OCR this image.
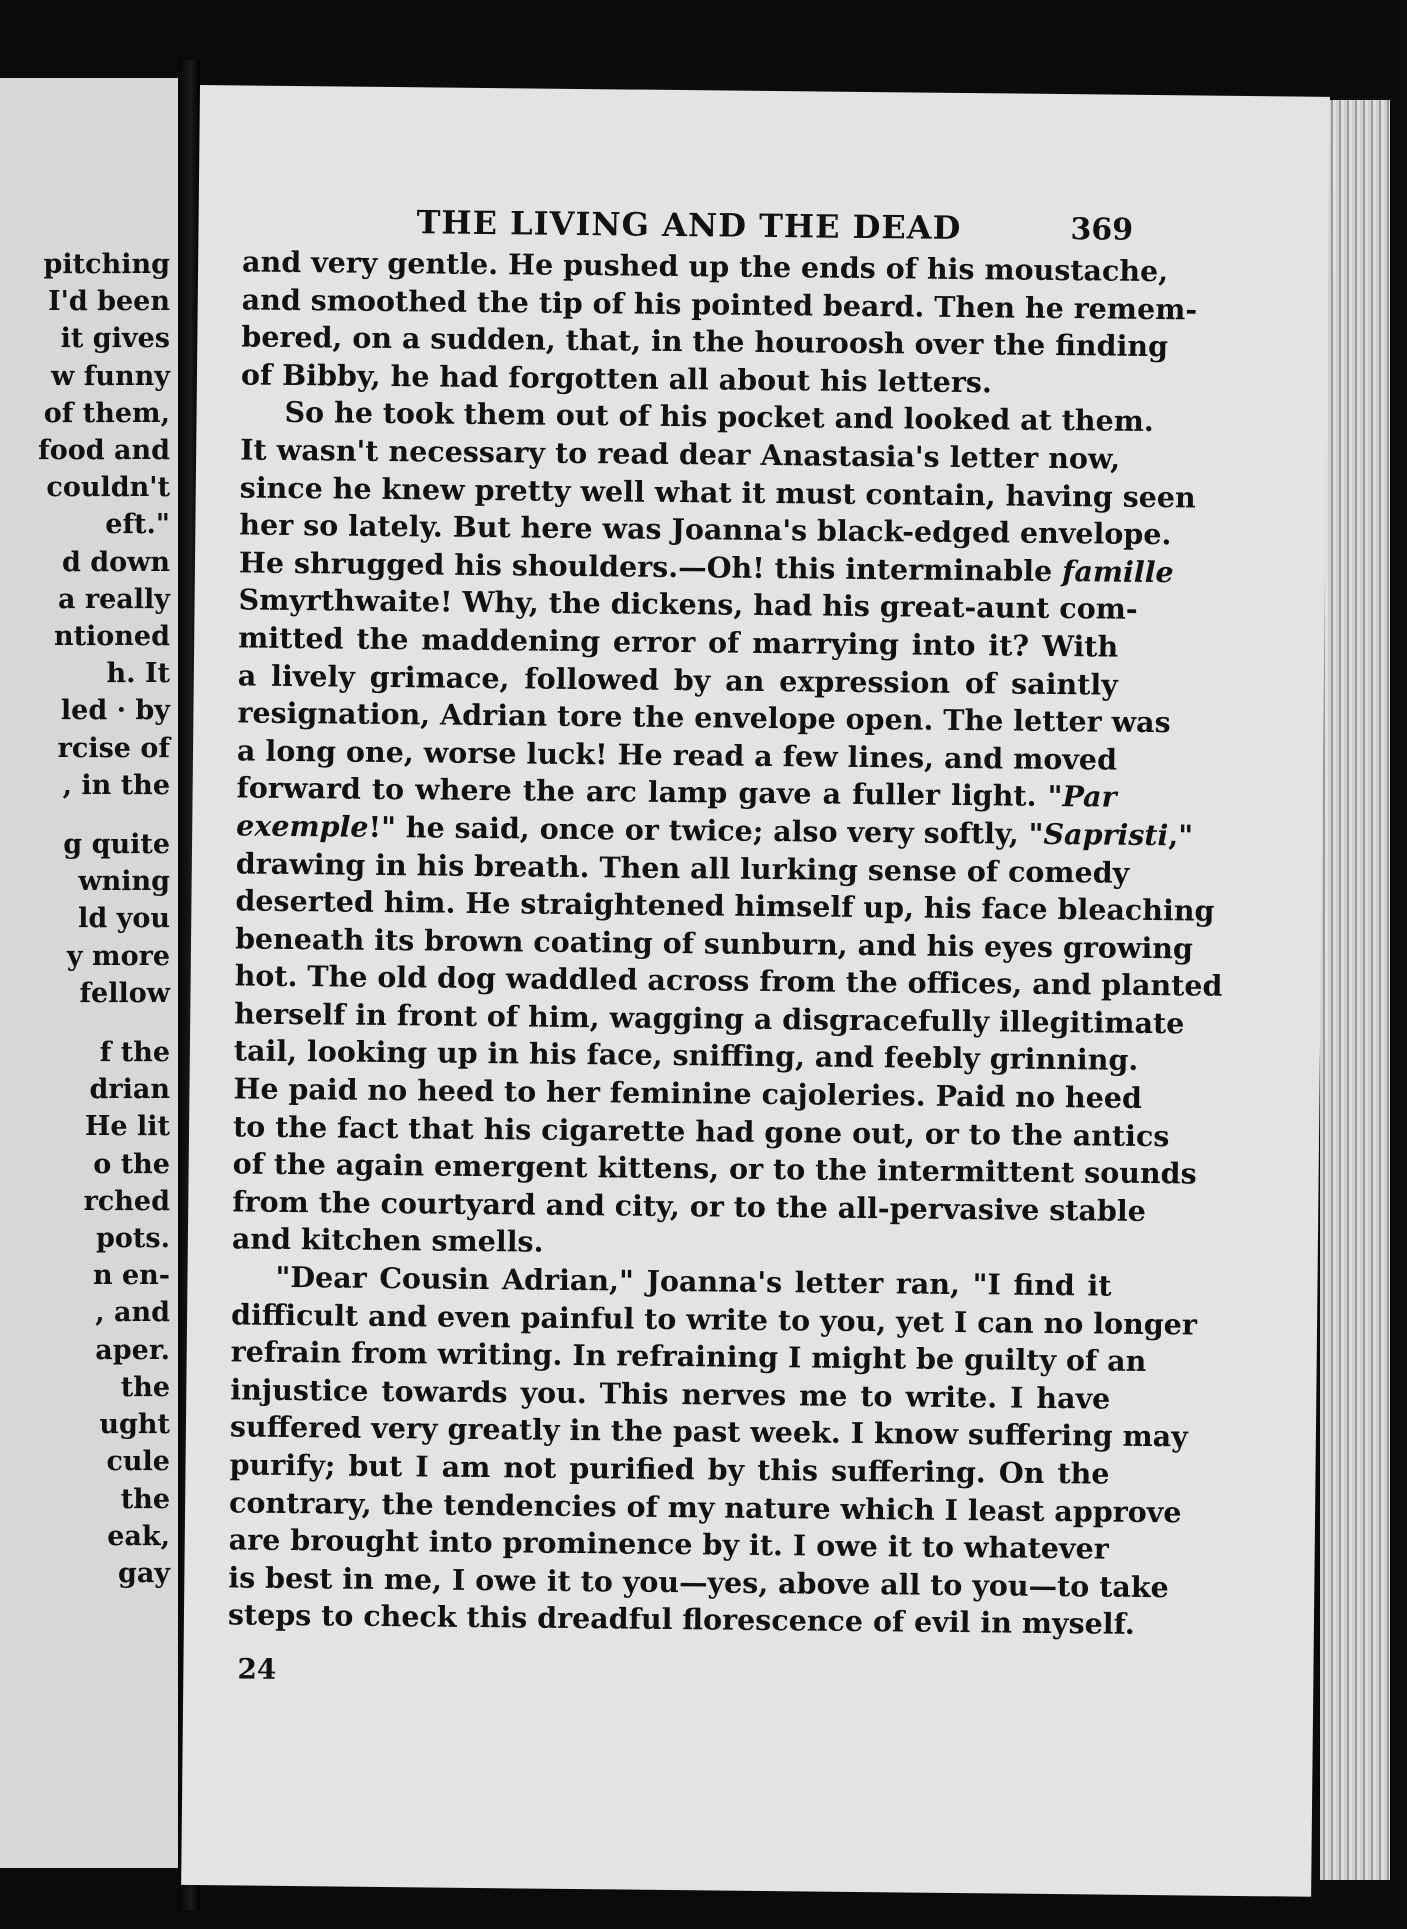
pitching
I'd been
it gives
w funny
of them,
food and
couldn't
eft."
d down
a really
ntioned
h. It
led · by
rcise of
, in the
g quite
wning
ld you
y more
fellow
f the
drian
He lit
o the
rched
pots.
n en-
, and
aper.
the
ught
cule
the
eak,
gay
THE LIVING AND THE DEAD	369
and very gentle. He pushed up the ends of his moustache,
and smoothed the tip of his pointed beard. Then he remem-
bered, on a sudden, that, in the houroosh over the finding
of Bibby, he had forgotten all about his letters.
So he took them out of his pocket and looked at them.
It wasn't necessary to read dear Anastasia's letter now,
since he knew pretty well what it must contain, having seen
her so lately. But here was Joanna's black-edged envelope.
He shrugged his shoulders.—Oh! this interminable famille
Smyrthwaite! Why, the dickens, had his great-aunt com-
mitted the maddening error of marrying into it? With
a lively grimace, followed by an expression of saintly
resignation, Adrian tore the envelope open. The letter was
a long one, worse luck! He read a few lines, and moved
forward to where the arc lamp gave a fuller light. "Par
exemple!" he said, once or twice; also very softly, "Sapristi,"
drawing in his breath. Then all lurking sense of comedy
deserted him. He straightened himself up, his face bleaching
beneath its brown coating of sunburn, and his eyes growing
hot. The old dog waddled across from the offices, and planted
herself in front of him, wagging a disgracefully illegitimate
tail, looking up in his face, sniffing, and feebly grinning.
He paid no heed to her feminine cajoleries. Paid no heed
to the fact that his cigarette had gone out, or to the antics
of the again emergent kittens, or to the intermittent sounds
from the courtyard and city, or to the all-pervasive stable
and kitchen smells.
"Dear Cousin Adrian," Joanna's letter ran, "I find it
difficult and even painful to write to you, yet I can no longer
refrain from writing. In refraining I might be guilty of an
injustice towards you. This nerves me to write. I have
suffered very greatly in the past week. I know suffering may
purify; but I am not purified by this suffering. On the
contrary, the tendencies of my nature which I least approve
are brought into prominence by it. I owe it to whatever
is best in me, I owe it to you—yes, above all to you—to take
steps to check this dreadful florescence of evil in myself.
24
